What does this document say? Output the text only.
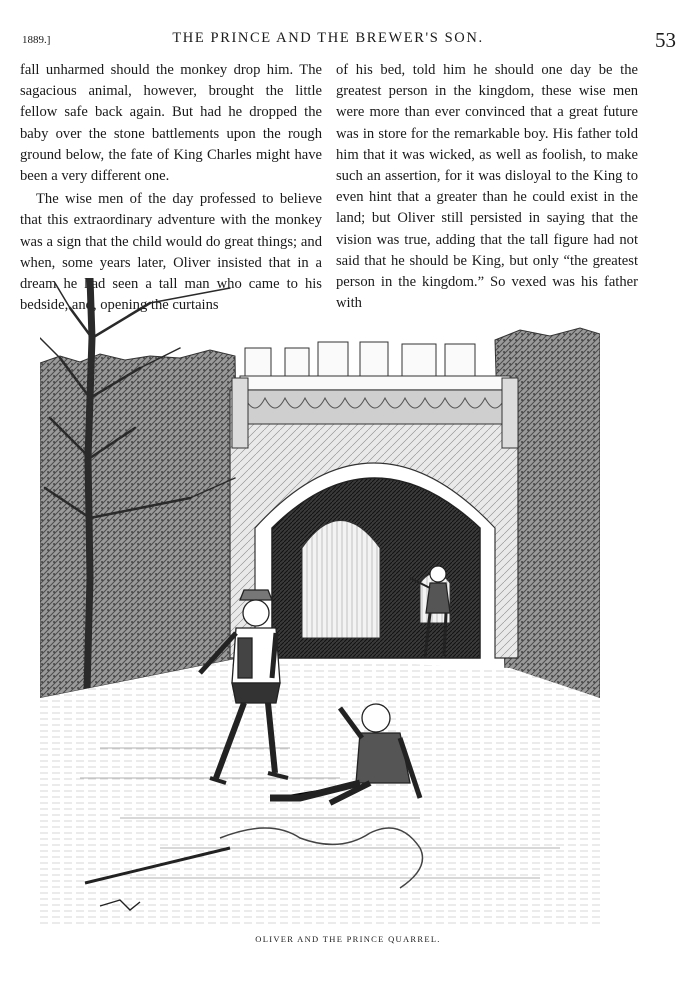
1889.]	THE PRINCE AND THE BREWER'S SON.	53

fall unharmed should the monkey drop him. The sagacious animal, however, brought the little fellow safe back again. But had he dropped the baby over the stone battlements upon the rough ground below, the fate of King Charles might have been a very different one.

The wise men of the day professed to believe that this extraordinary adventure with the monkey was a sign that the child would do great things; and when, some years later, Oliver insisted that in a dream he had seen a tall man who came to his bedside, and, opening the curtains

of his bed, told him he should one day be the greatest person in the kingdom, these wise men were more than ever convinced that a great future was in store for the remarkable boy. His father told him that it was wicked, as well as foolish, to make such an assertion, for it was disloyal to the King to even hint that a greater than he could exist in the land; but Oliver still persisted in saying that the vision was true, adding that the tall figure had not said that he should be King, but only “the greatest person in the kingdom.” So vexed was his father with

OLIVER AND THE PRINCE QUARREL.
